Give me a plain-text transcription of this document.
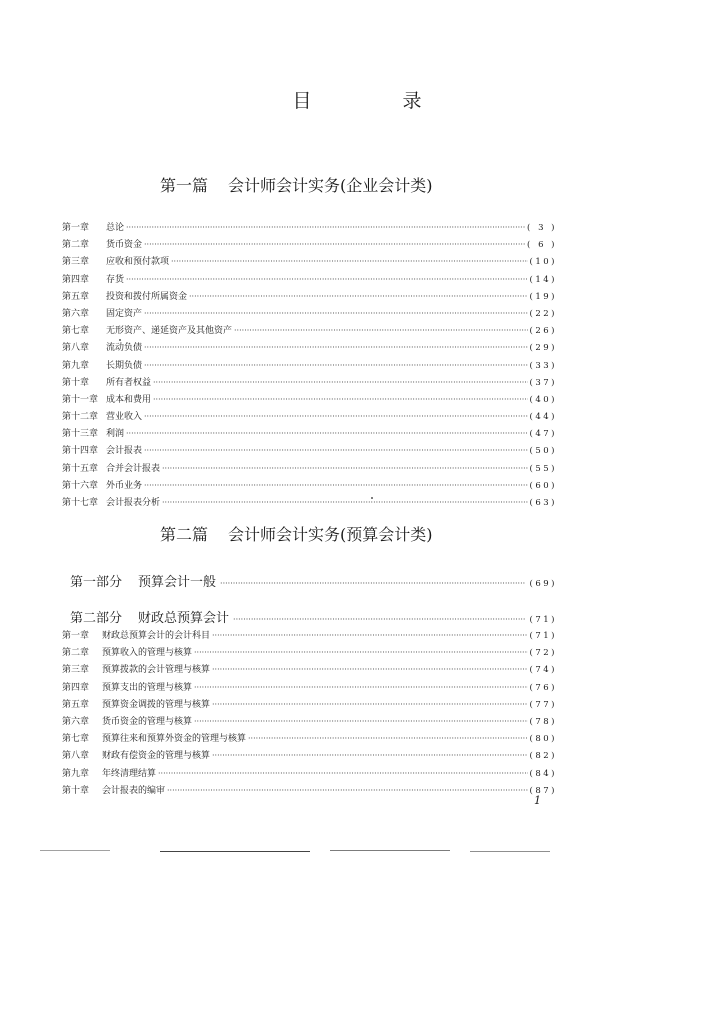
目　录
第一篇 会计师会计实务(企业会计类)
第一章	总论 ·····	( 3 )
第二章	货币资金 ·····	( 6 )
第三章	应收和预付款项 ·····	(10)
第四章	存货 ·····	(14)
第五章	投资和拨付所属资金 ·····	(19)
第六章	固定资产 ·····	(22)
第七章	无形资产、递延资产及其他资产 ·····	(26)
第八章	流动负债 ·····	(29)
第九章	长期负债 ·····	(33)
第十章	所有者权益 ·····	(37)
第十一章 成本和费用 ·····	(40)
第十二章 营业收入 ·····	(44)
第十三章 利润 ·····	(47)
第十四章 会计报表 ·····	(50)
第十五章 合并会计报表 ·····	(55)
第十六章 外币业务 ·····	(60)
第十七章 会计报表分析 ·····	(63)
第二篇 会计师会计实务(预算会计类)
第一部分 预算会计一般 ·····	(69)
第二部分 财政总预算会计 ·····	(71)
第一章	财政总预算会计的会计科目 ·····	(71)
第二章	预算收入的管理与核算 ·····	(72)
第三章	预算拨款的会计管理与核算 ·····	(74)
第四章	预算支出的管理与核算 ·····	(76)
第五章	预算资金调拨的管理与核算 ·····	(77)
第六章	货币资金的管理与核算 ·····	(78)
第七章	预算往来和预算外资金的管理与核算 ·····	(80)
第八章	财政有偿资金的管理与核算 ·····	(82)
第九章	年终清理结算 ·····	(84)
第十章	会计报表的编审 ·····	(87)
1
